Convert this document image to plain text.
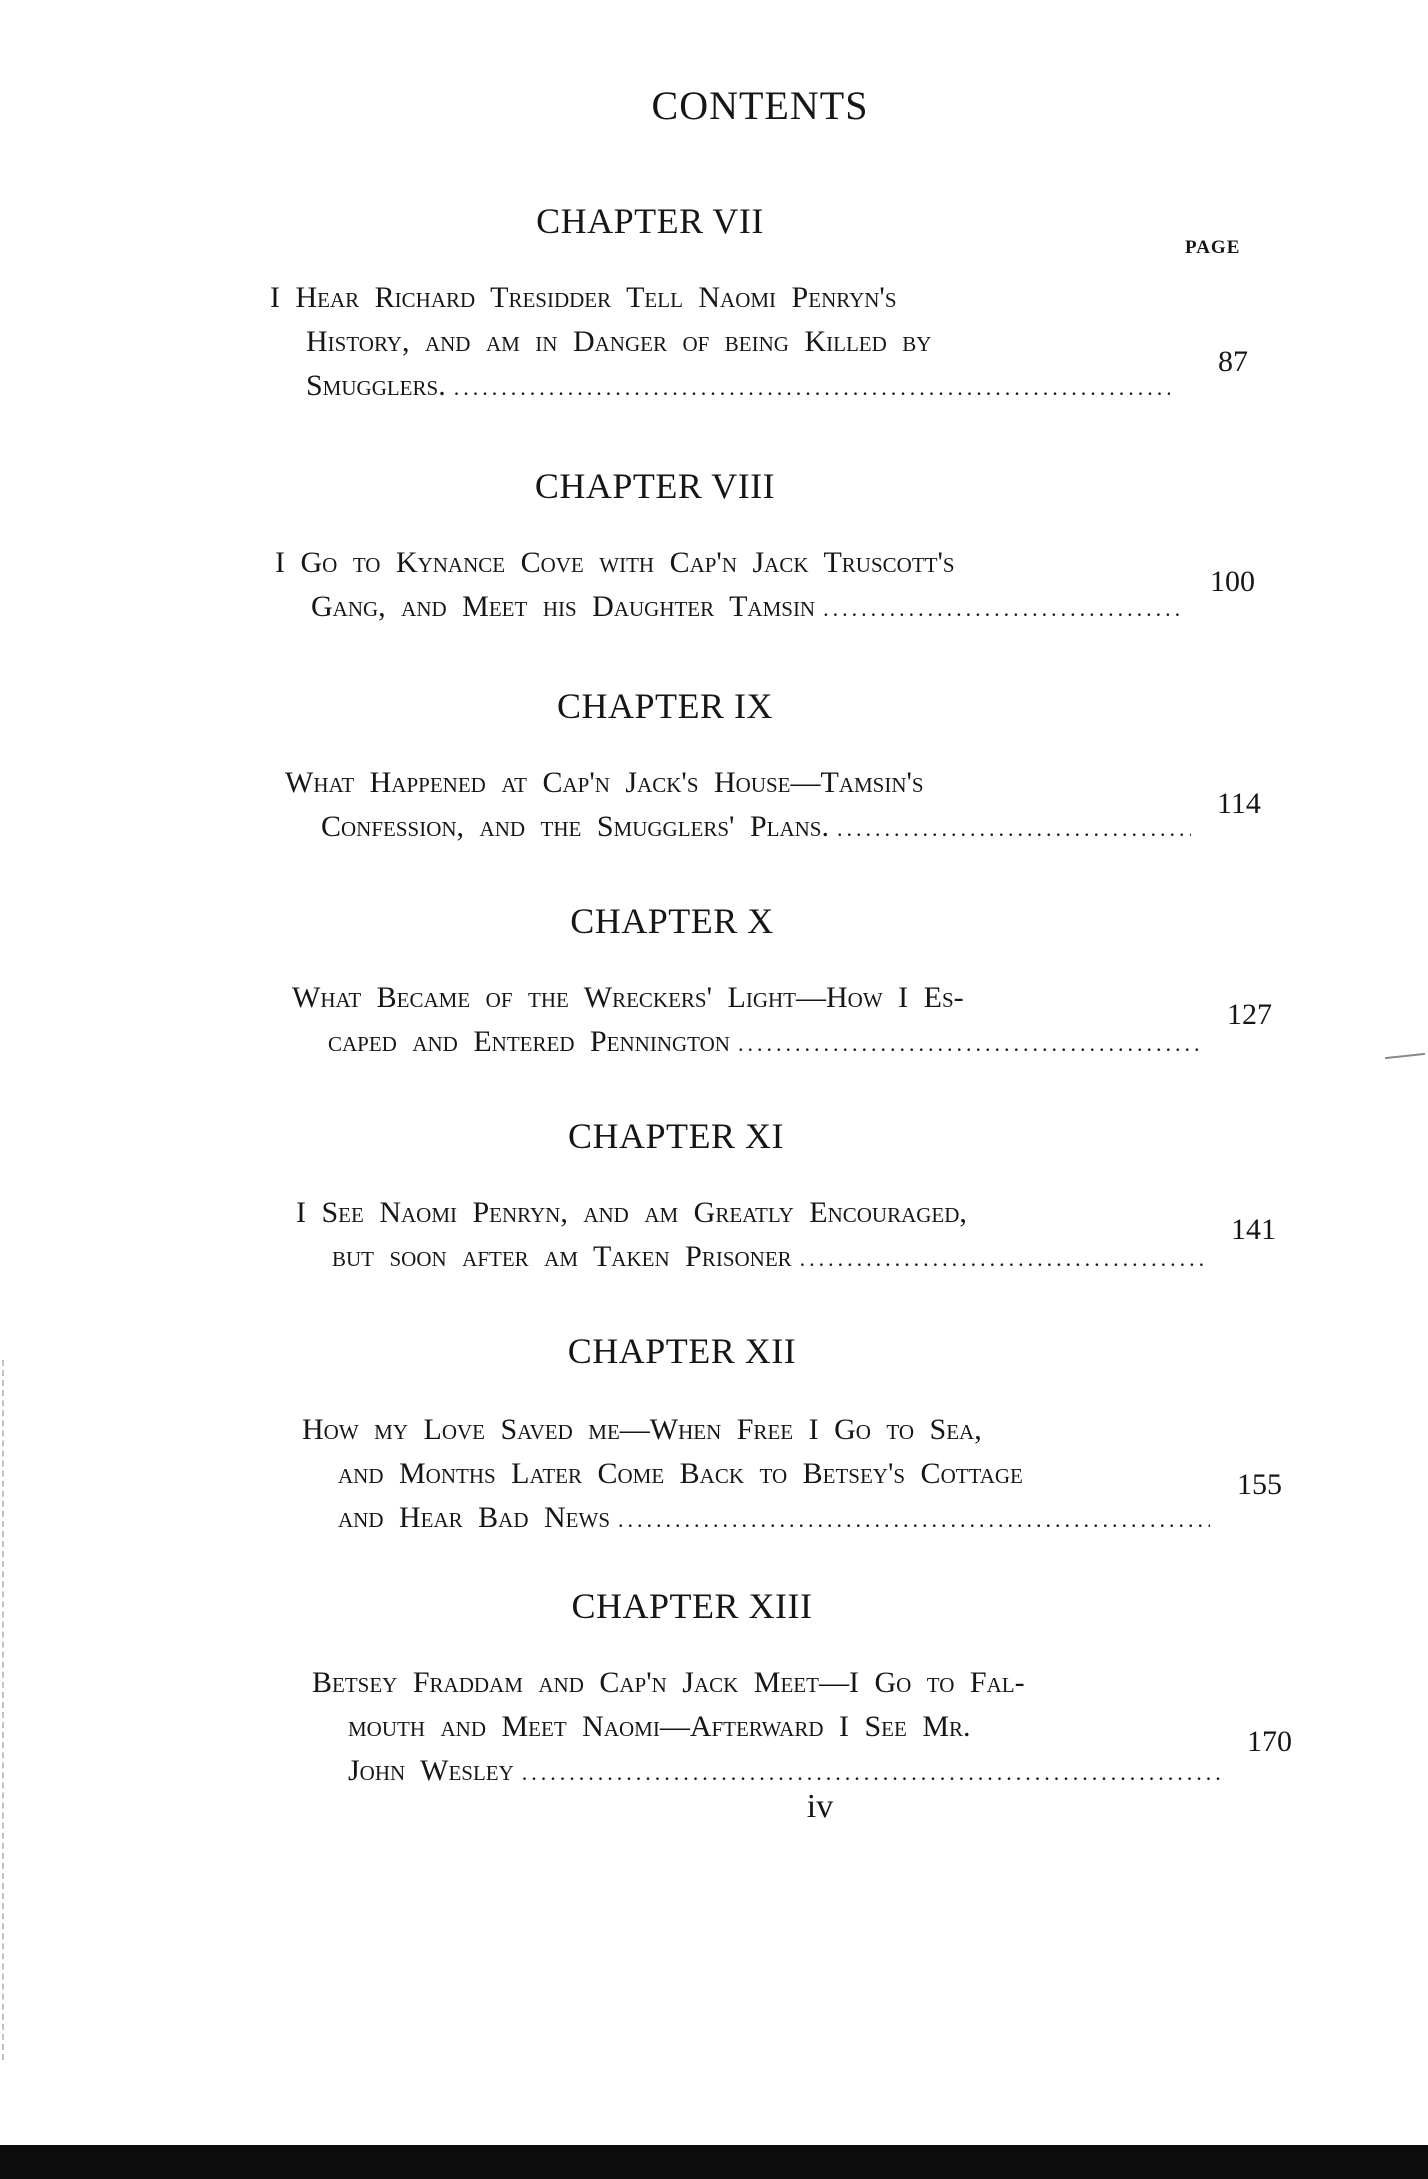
CONTENTS
PAGE
CHAPTER VII
I Hear Richard Tresidder Tell Naomi Penryn's
History, and am in Danger of being Killed by
Smugglers.
.....
87
CHAPTER VIII
I Go to Kynance Cove with Cap'n Jack Truscott's
Gang, and Meet his Daughter Tamsin
.....
100
CHAPTER IX
What Happened at Cap'n Jack's House—Tamsin's
Confession, and the Smugglers' Plans.
.....
114
CHAPTER X
What Became of the Wreckers' Light—How I Es-
caped and Entered Pennington
.....
127
CHAPTER XI
I See Naomi Penryn, and am Greatly Encouraged,
but soon after am Taken Prisoner
.....
141
CHAPTER XII
How my Love Saved me—When Free I Go to Sea,
and Months Later Come Back to Betsey's Cottage
and Hear Bad News
.....
155
CHAPTER XIII
Betsey Fraddam and Cap'n Jack Meet—I Go to Fal-
mouth and Meet Naomi—Afterward I See Mr.
John Wesley
.....
170
iv
